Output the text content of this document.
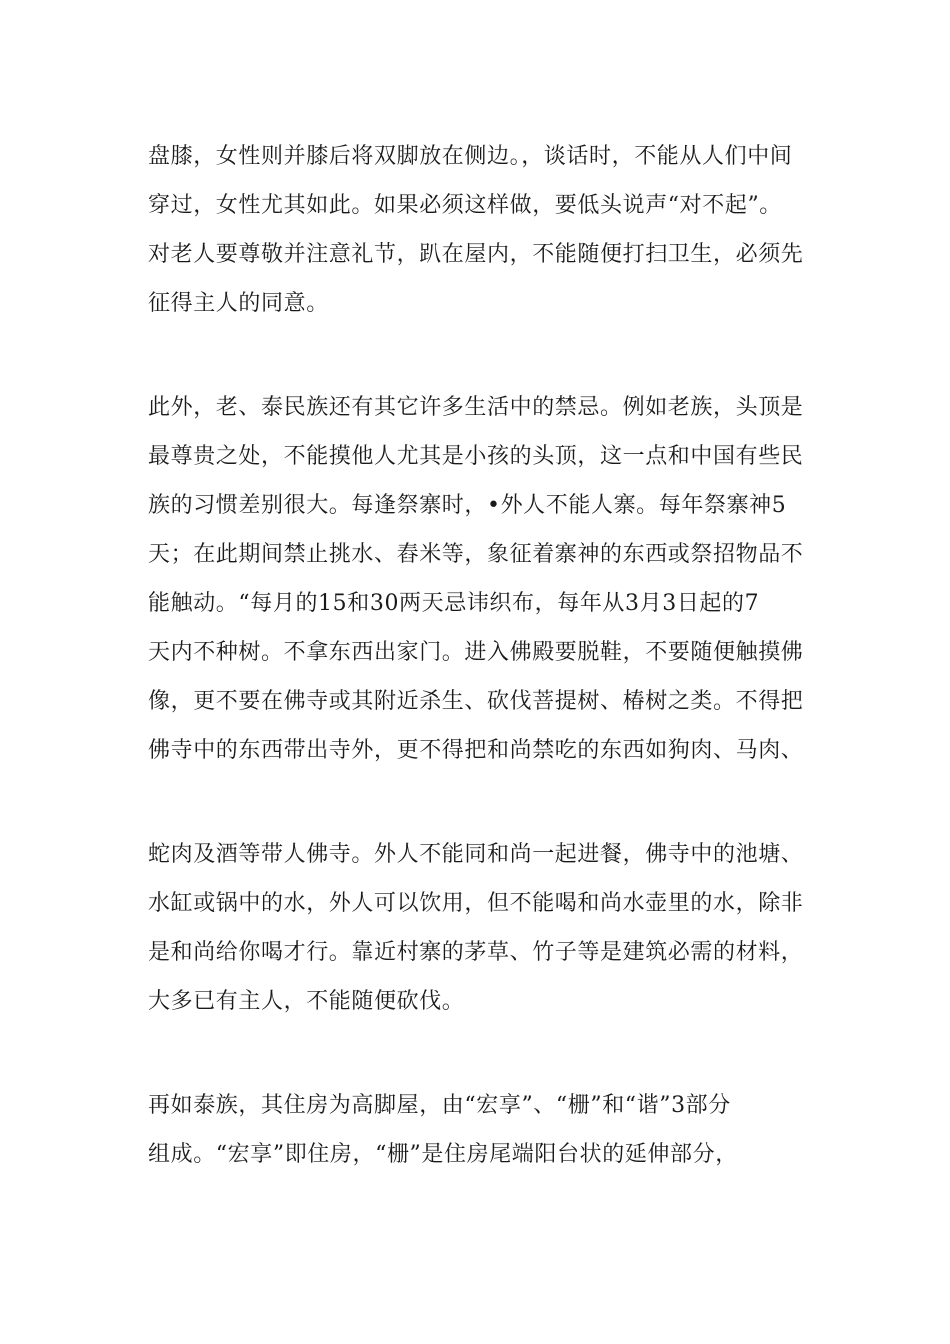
盘膝，女性则并膝后将双脚放在侧边。，谈话时，不能从人们中间
穿过，女性尤其如此。如果必须这样做，要低头说声“对不起”。
对老人要尊敬并注意礼节，趴在屋内，不能随便打扫卫生，必须先
征得主人的同意。
此外，老、泰民族还有其它许多生活中的禁忌。例如老族，头顶是
最尊贵之处，不能摸他人尤其是小孩的头顶，这一点和中国有些民
族的习惯差别很大。每逢祭寨时，•外人不能人寨。每年祭寨神5
天；在此期间禁止挑水、舂米等，象征着寨神的东西或祭招物品不
能触动。“每月的15和30两天忌讳织布，每年从3月3日起的7
天内不种树。不拿东西出家门。进入佛殿要脱鞋，不要随便触摸佛
像，更不要在佛寺或其附近杀生、砍伐菩提树、椿树之类。不得把
佛寺中的东西带出寺外，更不得把和尚禁吃的东西如狗肉、马肉、
蛇肉及酒等带人佛寺。外人不能同和尚一起进餐，佛寺中的池塘、
水缸或锅中的水，外人可以饮用，但不能喝和尚水壶里的水，除非
是和尚给你喝才行。靠近村寨的茅草、竹子等是建筑必需的材料，
大多已有主人，不能随便砍伐。
再如泰族，其住房为高脚屋，由“宏享”、“栅”和“谐”3部分
组成。“宏享”即住房，“栅”是住房尾端阳台状的延伸部分，
